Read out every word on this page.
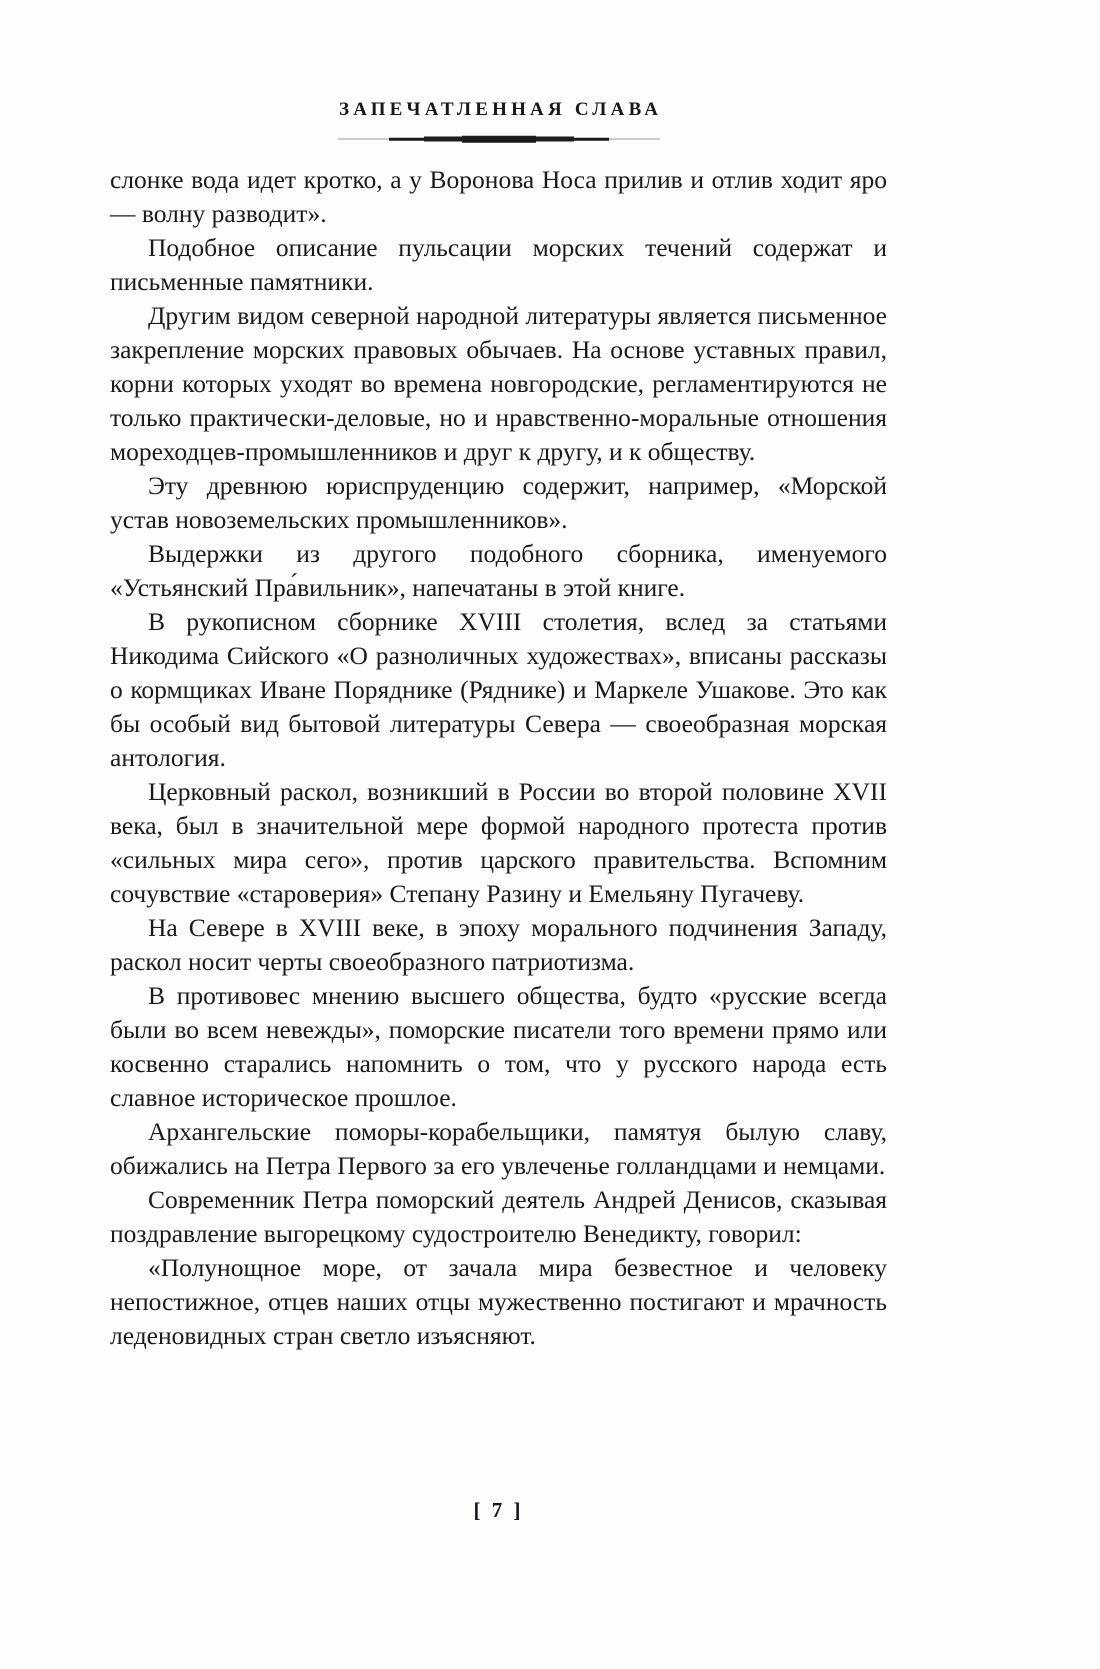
ЗАПЕЧАТЛЕННАЯ СЛАВА

слонке вода идет кротко, а у Воронова Носа прилив и отлив ходит яро — волну разводит».

Подобное описание пульсации морских течений содержат и письменные памятники.

Другим видом северной народной литературы является письменное закрепление морских правовых обычаев. На основе уставных правил, корни которых уходят во времена новгородские, регламентируются не только практически-деловые, но и нравственно-моральные отношения мореходцев-промышленников и друг к другу, и к обществу.

Эту древнюю юриспруденцию содержит, например, «Морской устав новоземельских промышленников».

Выдержки из другого подобного сборника, именуемого «Устьянский Пра́вильник», напечатаны в этой книге.

В рукописном сборнике XVIII столетия, вслед за статьями Никодима Сийского «О разноличных художествах», вписаны рассказы о кормщиках Иване Поряднике (Ряднике) и Маркеле Ушакове. Это как бы особый вид бытовой литературы Севера — своеобразная морская антология.

Церковный раскол, возникший в России во второй половине XVII века, был в значительной мере формой народного протеста против «сильных мира сего», против царского правительства. Вспомним сочувствие «староверия» Степану Разину и Емельяну Пугачеву.

На Севере в XVIII веке, в эпоху морального подчинения Западу, раскол носит черты своеобразного патриотизма.

В противовес мнению высшего общества, будто «русские всегда были во всем невежды», поморские писатели того времени прямо или косвенно старались напомнить о том, что у русского народа есть славное историческое прошлое.

Архангельские поморы-корабельщики, памятуя былую славу, обижались на Петра Первого за его увлеченье голландцами и немцами.

Современник Петра поморский деятель Андрей Денисов, сказывая поздравление выгорецкому судостроителю Венедикту, говорил:

«Полунощное море, от зачала мира безвестное и человеку непостижное, отцев наших отцы мужественно постигают и мрачность леденовидных стран светло изъясняют.

[ 7 ]
